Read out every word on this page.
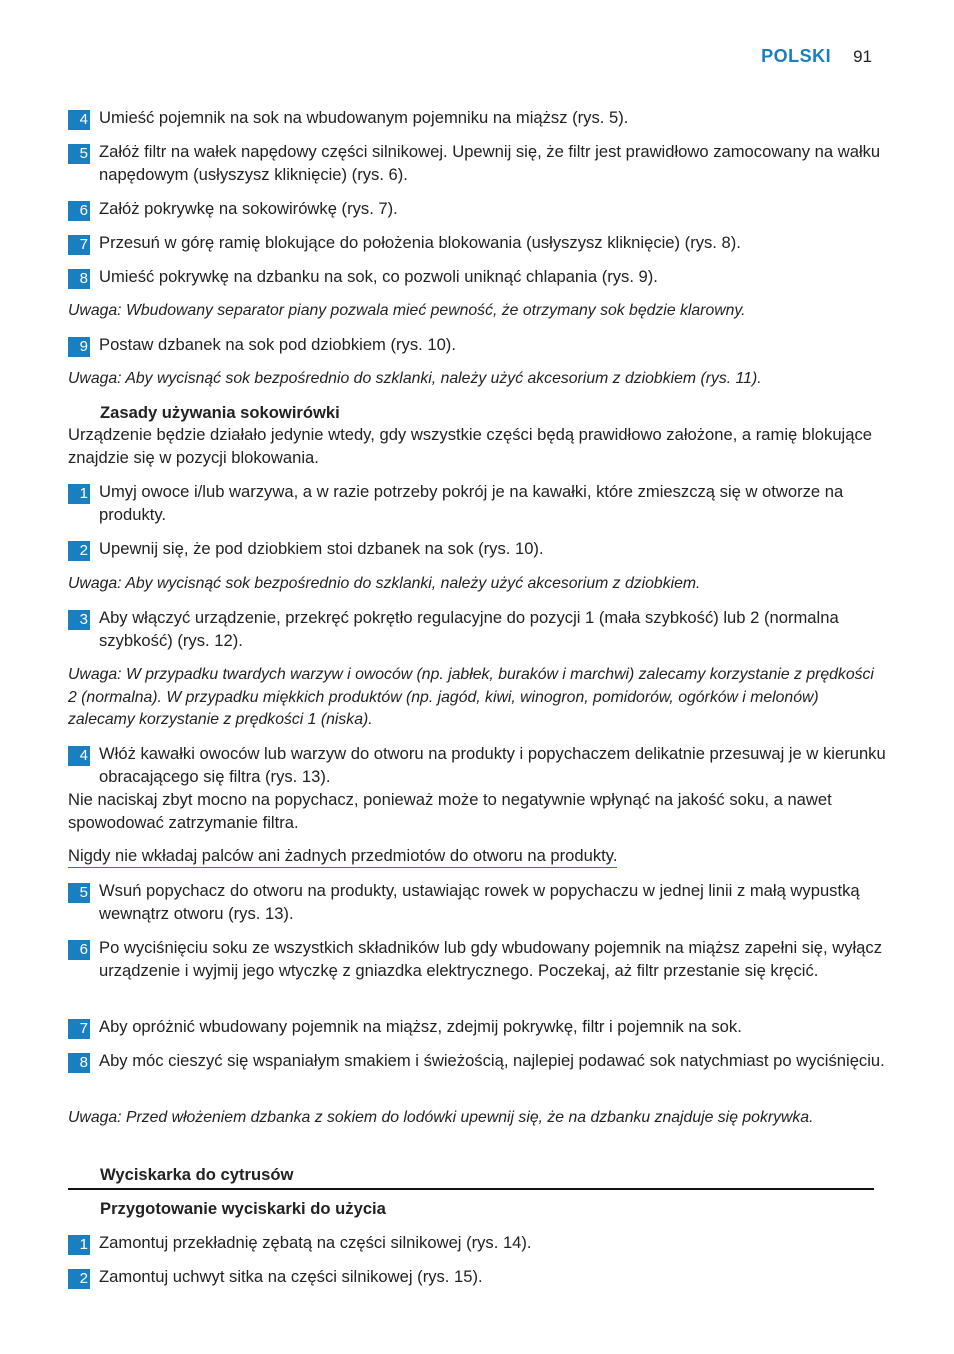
POLSKI 91
4 Umieść pojemnik na sok na wbudowanym pojemniku na miąższ (rys. 5).
5 Załóż filtr na wałek napędowy części silnikowej. Upewnij się, że filtr jest prawidłowo zamocowany na wałku napędowym (usłyszysz kliknięcie) (rys. 6).
6 Załóż pokrywkę na sokowirówkę (rys. 7).
7 Przesuń w górę ramię blokujące do położenia blokowania (usłyszysz kliknięcie) (rys. 8).
8 Umieść pokrywkę na dzbanku na sok, co pozwoli uniknąć chlapania (rys. 9).
Uwaga: Wbudowany separator piany pozwala mieć pewność, że otrzymany sok będzie klarowny.
9 Postaw dzbanek na sok pod dziobkiem (rys. 10).
Uwaga: Aby wycisnąć sok bezpośrednio do szklanki, należy użyć akcesorium z dziobkiem (rys. 11).
Zasady używania sokowirówki
Urządzenie będzie działało jedynie wtedy, gdy wszystkie części będą prawidłowo założone, a ramię blokujące znajdzie się w pozycji blokowania.
1 Umyj owoce i/lub warzywa, a w razie potrzeby pokrój je na kawałki, które zmieszczą się w otworze na produkty.
2 Upewnij się, że pod dziobkiem stoi dzbanek na sok (rys. 10).
Uwaga: Aby wycisnąć sok bezpośrednio do szklanki, należy użyć akcesorium z dziobkiem.
3 Aby włączyć urządzenie, przekręć pokrętło regulacyjne do pozycji 1 (mała szybkość) lub 2 (normalna szybkość) (rys. 12).
Uwaga: W przypadku twardych warzyw i owoców (np. jabłek, buraków i marchwi) zalecamy korzystanie z prędkości 2 (normalna). W przypadku miękkich produktów (np. jagód, kiwi, winogron, pomidorów, ogórków i melonów) zalecamy korzystanie z prędkości 1 (niska).
4 Włóż kawałki owoców lub warzyw do otworu na produkty i popychaczem delikatnie przesuwaj je w kierunku obracającego się filtra (rys. 13).
Nie naciskaj zbyt mocno na popychacz, ponieważ może to negatywnie wpłynąć na jakość soku, a nawet spowodować zatrzymanie filtra.
Nigdy nie wkładaj palców ani żadnych przedmiotów do otworu na produkty.
5 Wsuń popychacz do otworu na produkty, ustawiając rowek w popychaczu w jednej linii z małą wypustką wewnątrz otworu (rys. 13).
6 Po wyciśnięciu soku ze wszystkich składników lub gdy wbudowany pojemnik na miąższ zapełni się, wyłącz urządzenie i wyjmij jego wtyczkę z gniazdka elektrycznego. Poczekaj, aż filtr przestanie się kręcić.
7 Aby opróżnić wbudowany pojemnik na miąższ, zdejmij pokrywkę, filtr i pojemnik na sok.
8 Aby móc cieszyć się wspaniałym smakiem i świeżością, najlepiej podawać sok natychmiast po wyciśnięciu.
Uwaga: Przed włożeniem dzbanka z sokiem do lodówki upewnij się, że na dzbanku znajduje się pokrywka.
Wyciskarka do cytrusów
Przygotowanie wyciskarki do użycia
1 Zamontuj przekładnię zębatą na części silnikowej (rys. 14).
2 Zamontuj uchwyt sitka na części silnikowej (rys. 15).
